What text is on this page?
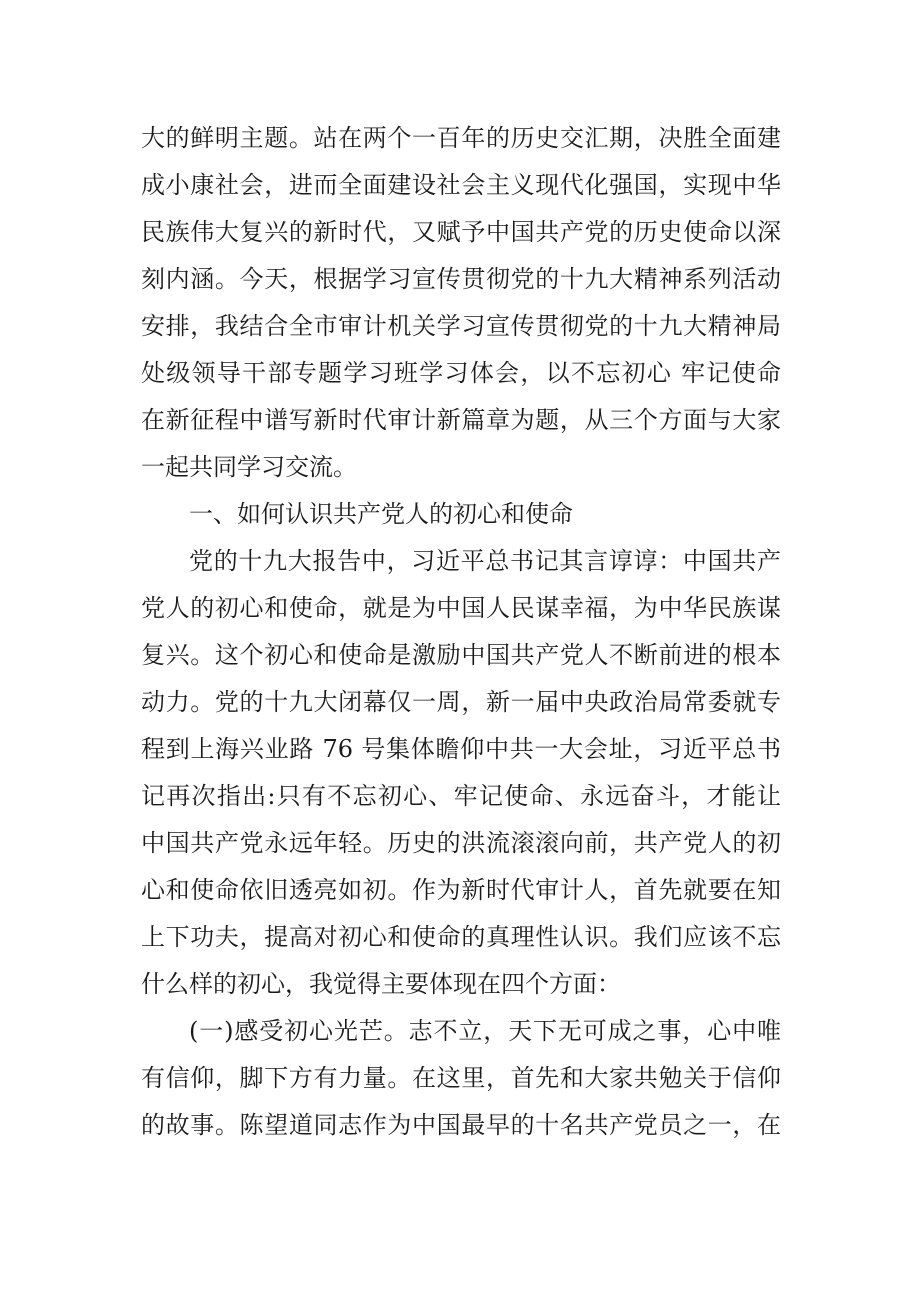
大的鲜明主题。站在两个一百年的历史交汇期，决胜全面建
成小康社会，进而全面建设社会主义现代化强国，实现中华
民族伟大复兴的新时代，又赋予中国共产党的历史使命以深
刻内涵。今天，根据学习宣传贯彻党的十九大精神系列活动
安排，我结合全市审计机关学习宣传贯彻党的十九大精神局
处级领导干部专题学习班学习体会，以不忘初心 牢记使命
在新征程中谱写新时代审计新篇章为题，从三个方面与大家
一起共同学习交流。
一、如何认识共产党人的初心和使命
党的十九大报告中，习近平总书记其言谆谆：中国共产
党人的初心和使命，就是为中国人民谋幸福，为中华民族谋
复兴。这个初心和使命是激励中国共产党人不断前进的根本
动力。党的十九大闭幕仅一周，新一届中央政治局常委就专
程到上海兴业路 76 号集体瞻仰中共一大会址，习近平总书
记再次指出:只有不忘初心、牢记使命、永远奋斗，才能让
中国共产党永远年轻。历史的洪流滚滚向前，共产党人的初
心和使命依旧透亮如初。作为新时代审计人，首先就要在知
上下功夫，提高对初心和使命的真理性认识。我们应该不忘
什么样的初心，我觉得主要体现在四个方面：
(一)感受初心光芒。志不立，天下无可成之事，心中唯
有信仰，脚下方有力量。在这里，首先和大家共勉关于信仰
的故事。陈望道同志作为中国最早的十名共产党员之一，在
